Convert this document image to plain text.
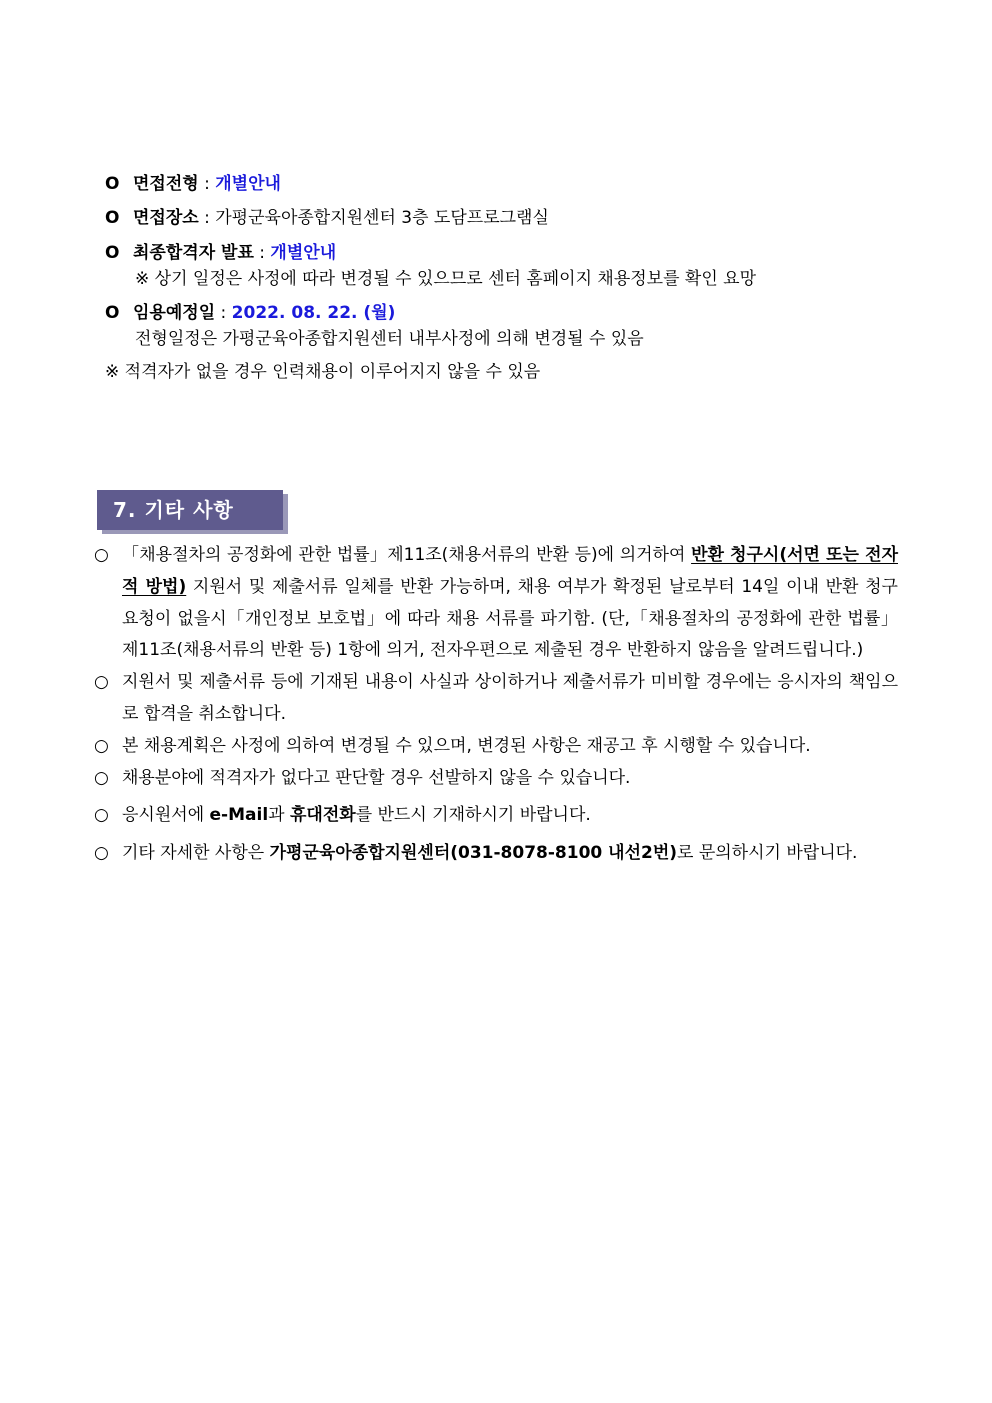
O 면접전형 : 개별안내
O 면접장소 : 가평군육아종합지원센터 3층 도담프로그램실
O 최종합격자 발표 : 개별안내
※ 상기 일정은 사정에 따라 변경될 수 있으므로 센터 홈페이지 채용정보를 확인 요망
O 임용예정일 : 2022. 08. 22. (월)
전형일정은 가평군육아종합지원센터 내부사정에 의해 변경될 수 있음
※ 적격자가 없을 경우 인력채용이 이루어지지 않을 수 있음
7. 기타 사항

○ 「채용절차의 공정화에 관한 법률」제11조(채용서류의 반환 등)에 의거하여 반환 청구시(서면 또는 전자적 방법) 지원서 및 제출서류 일체를 반환 가능하며, 채용 여부가 확정된 날로부터 14일 이내 반환 청구 요청이 없을시「개인정보 보호법」에 따라 채용 서류를 파기함. (단,「채용절차의 공정화에 관한 법률」제11조(채용서류의 반환 등) 1항에 의거, 전자우편으로 제출된 경우 반환하지 않음을 알려드립니다.)

○ 지원서 및 제출서류 등에 기재된 내용이 사실과 상이하거나 제출서류가 미비할 경우에는 응시자의 책임으로 합격을 취소합니다.

○ 본 채용계획은 사정에 의하여 변경될 수 있으며, 변경된 사항은 재공고 후 시행할 수 있습니다.

○ 채용분야에 적격자가 없다고 판단할 경우 선발하지 않을 수 있습니다.

○ 응시원서에 e-Mail과 휴대전화를 반드시 기재하시기 바랍니다.

○ 기타 자세한 사항은 가평군육아종합지원센터(031-8078-8100 내선2번)로 문의하시기 바랍니다.
